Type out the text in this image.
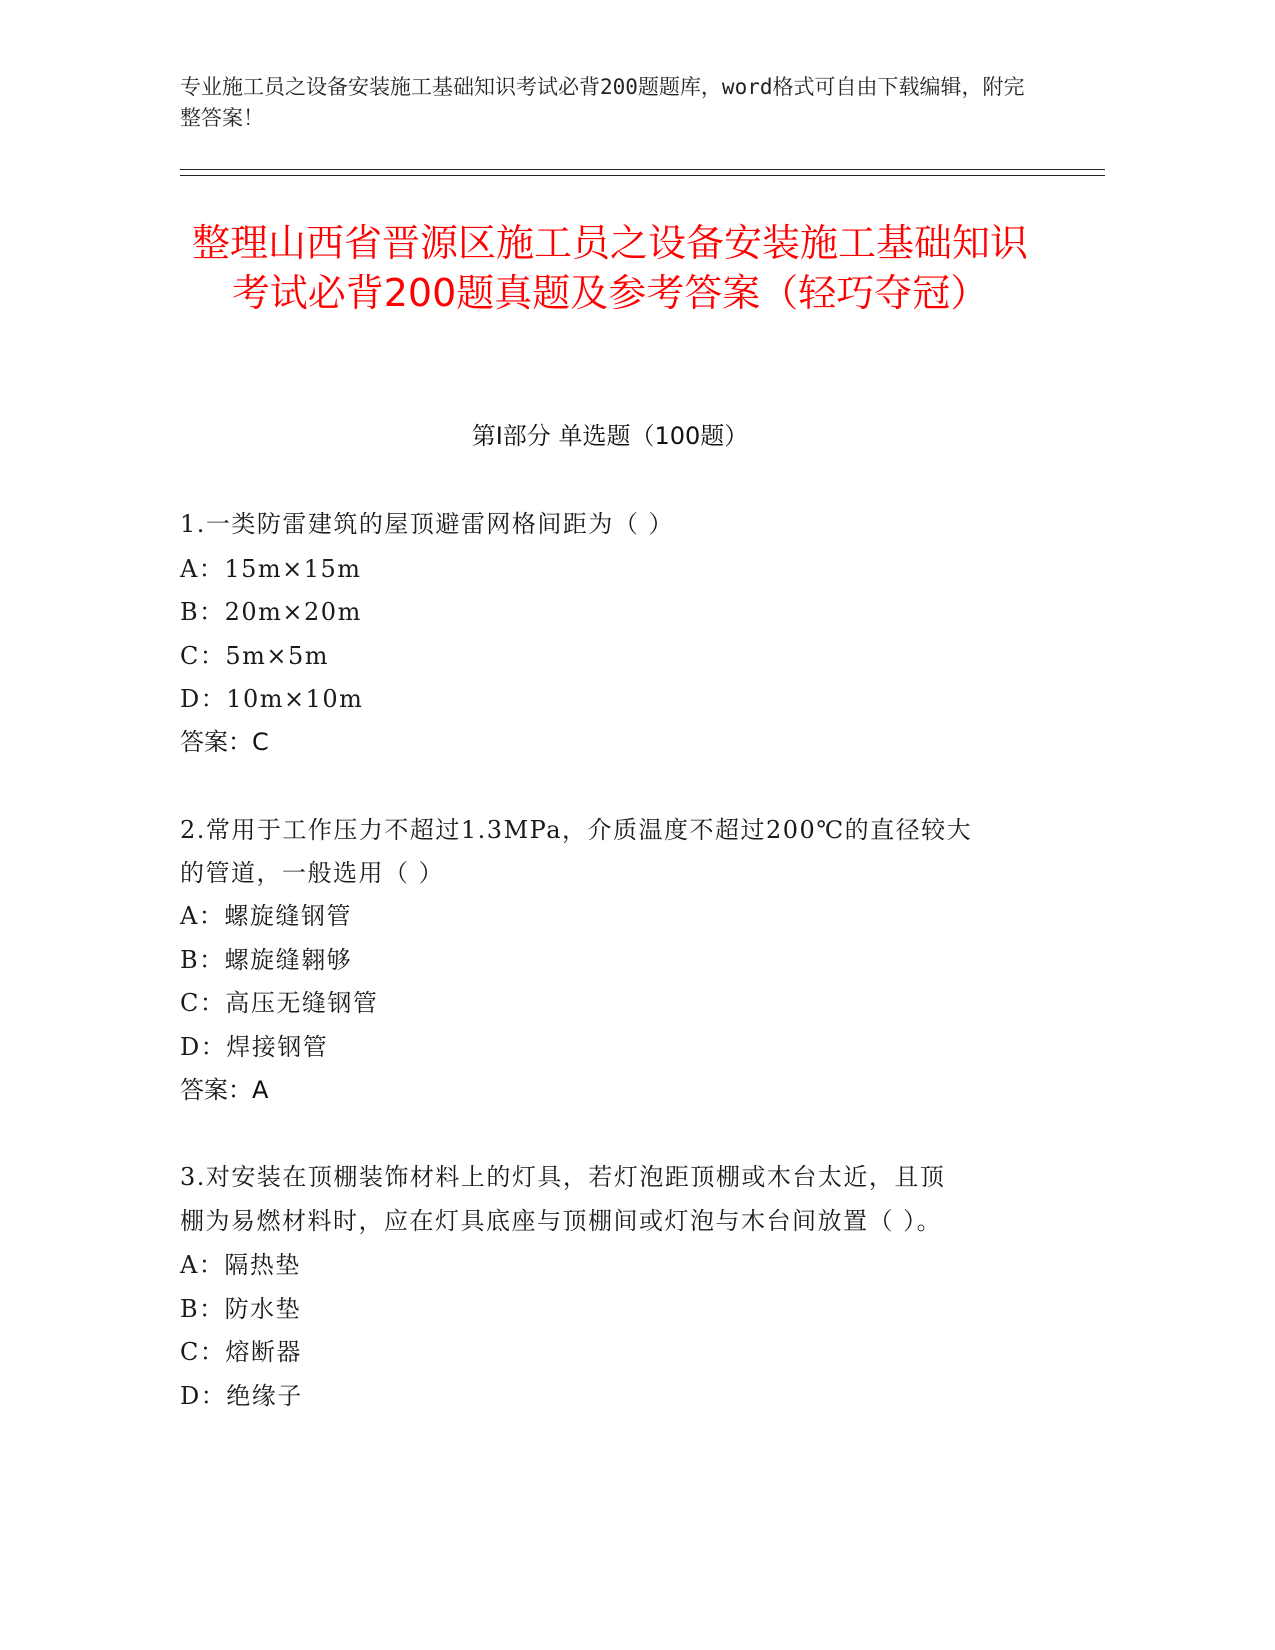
专业施工员之设备安装施工基础知识考试必背200题题库，word格式可自由下载编辑，附完整答案！
整理山西省晋源区施工员之设备安装施工基础知识考试必背200题真题及参考答案（轻巧夺冠）
第Ⅰ部分 单选题（100题）
1.一类防雷建筑的屋顶避雷网格间距为（ ）
A：15m×15m
B：20m×20m
C：5m×5m
D：10m×10m
答案：C
2.常用于工作压力不超过1.3MPa，介质温度不超过200℃的直径较大
的管道，一般选用（ ）
A：螺旋缝钢管
B：螺旋缝翱够
C：高压无缝钢管
D：焊接钢管
答案：A
3.对安装在顶棚装饰材料上的灯具，若灯泡距顶棚或木台太近，且顶
棚为易燃材料时，应在灯具底座与顶棚间或灯泡与木台间放置（ ）。
A：隔热垫
B：防水垫
C：熔断器
D：绝缘子
